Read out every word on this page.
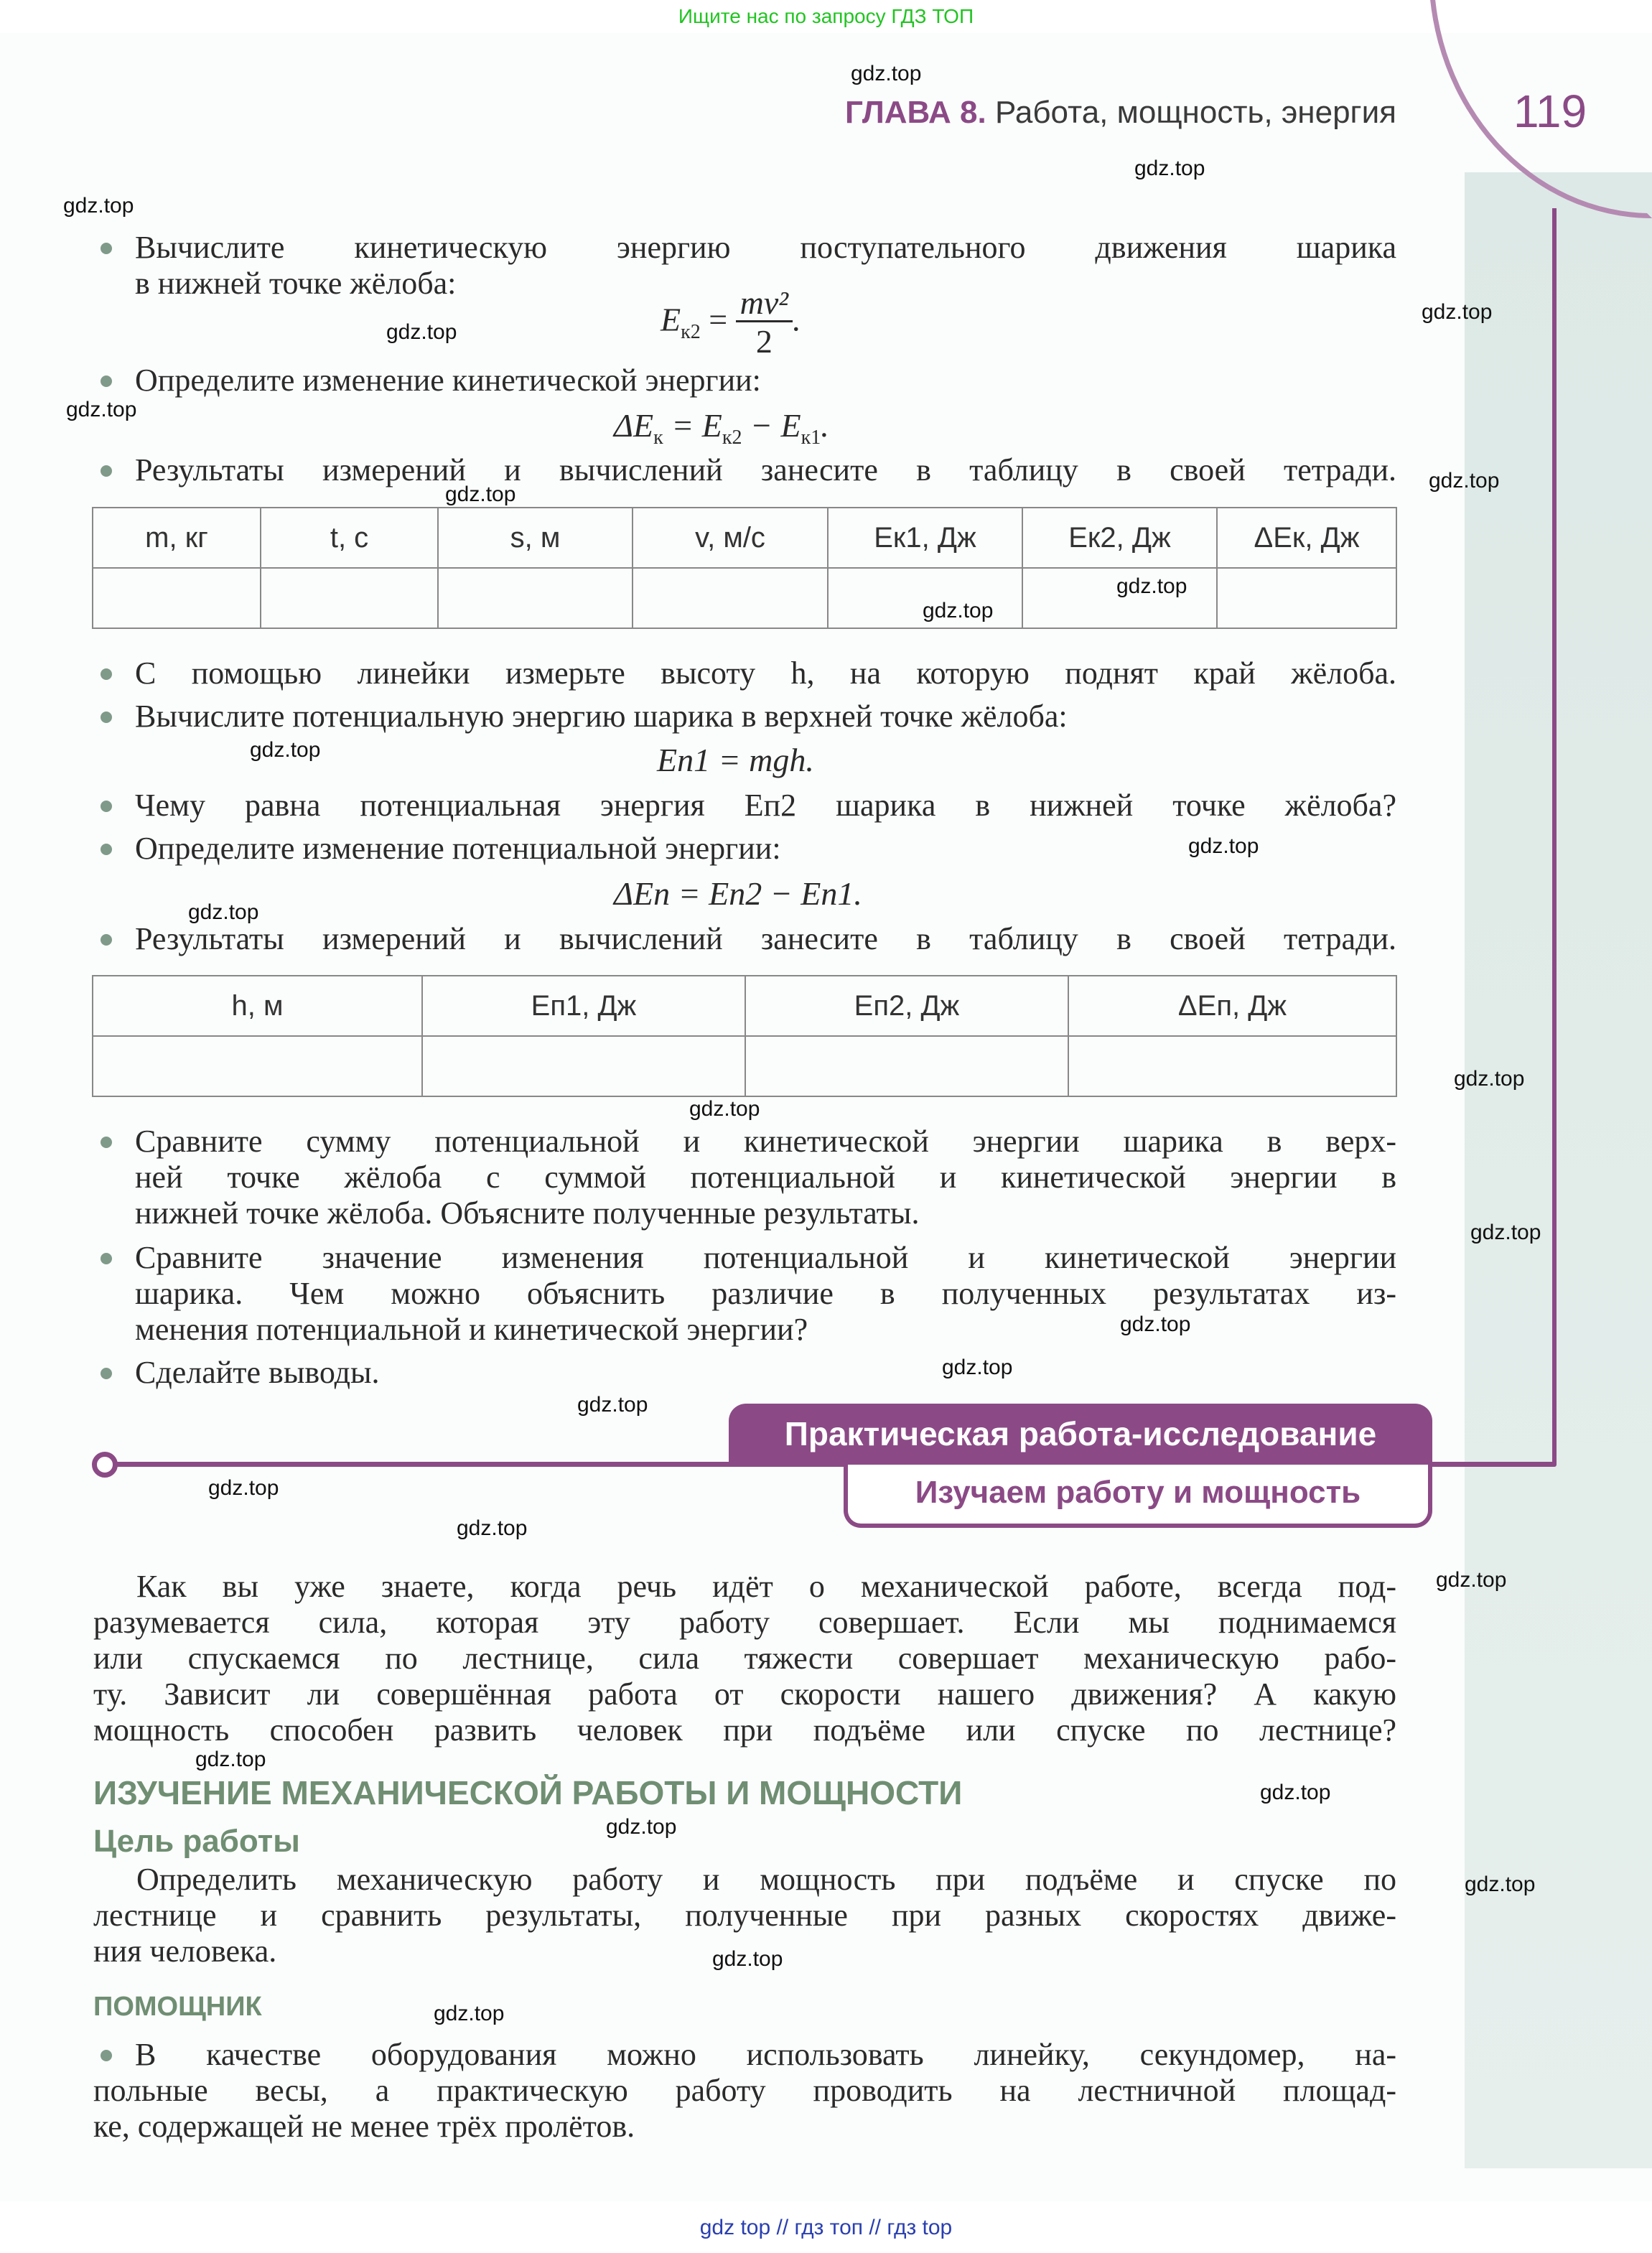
Ищите нас по запросу ГДЗ ТОП
ГЛАВА 8. Работа, мощность, энергия	119
Вычислите кинетическую энергию поступательного движения шарика
в нижней точке жёлоба:
$E_{к2} = \frac{\text{mv²}}{2}$ .
Определите изменение кинетической энергии:
$\Delta E_к = E_{к2} - E_{к1}$.
Результаты измерений и вычислений занесите в таблицу в своей тетради.
m, кг	t, с	s, м	v, м/с	Eк1, Дж	Eк2, Дж	ΔEк, Дж

С помощью линейки измерьте высоту h, на которую поднят край жёлоба.
Вычислите потенциальную энергию шарика в верхней точке жёлоба:
Eп1 = mgh.
Чему равна потенциальная энергия Eп2 шарика в нижней точке жёлоба?
Определите изменение потенциальной энергии:
ΔEп = Eп2 − Eп1.
Результаты измерений и вычислений занесите в таблицу в своей тетради.
h, м	Eп1, Дж	Eп2, Дж	ΔEп, Дж

Сравните сумму потенциальной и кинетической энергии шарика в верх-
ней точке жёлоба с суммой потенциальной и кинетической энергии в
нижней точке жёлоба. Объясните полученные результаты.
Сравните значение изменения потенциальной и кинетической энергии
шарика. Чем можно объяснить различие в полученных результатах из-
менения потенциальной и кинетической энергии?
Сделайте выводы.
Практическая работа-исследование
Изучаем работу и мощность
Как вы уже знаете, когда речь идёт о механической работе, всегда под-
разумевается сила, которая эту работу совершает. Если мы поднимаемся
или спускаемся по лестнице, сила тяжести совершает механическую рабо-
ту. Зависит ли совершённая работа от скорости нашего движения? А какую
мощность способен развить человек при подъёме или спуске по лестнице?
ИЗУЧЕНИЕ МЕХАНИЧЕСКОЙ РАБОТЫ И МОЩНОСТИ
Цель работы
Определить механическую работу и мощность при подъёме и спуске по
лестнице и сравнить результаты, полученные при разных скоростях движе-
ния человека.
ПОМОЩНИК
В качестве оборудования можно использовать линейку, секундомер, на-
польные весы, а практическую работу проводить на лестничной площад-
ке, содержащей не менее трёх пролётов.
gdz.top
gdz.top
gdz.top
gdz.top
gdz.top
gdz.top
gdz.top
gdz.top
gdz.top
gdz.top
gdz.top
gdz.top
gdz.top
gdz.top
gdz.top
gdz.top
gdz.top
gdz.top
gdz.top
gdz.top
gdz.top
gdz.top
gdz.top
gdz.top
gdz.top
gdz.top
gdz.top
gdz.top
gdz top // гдз топ // гдз top
